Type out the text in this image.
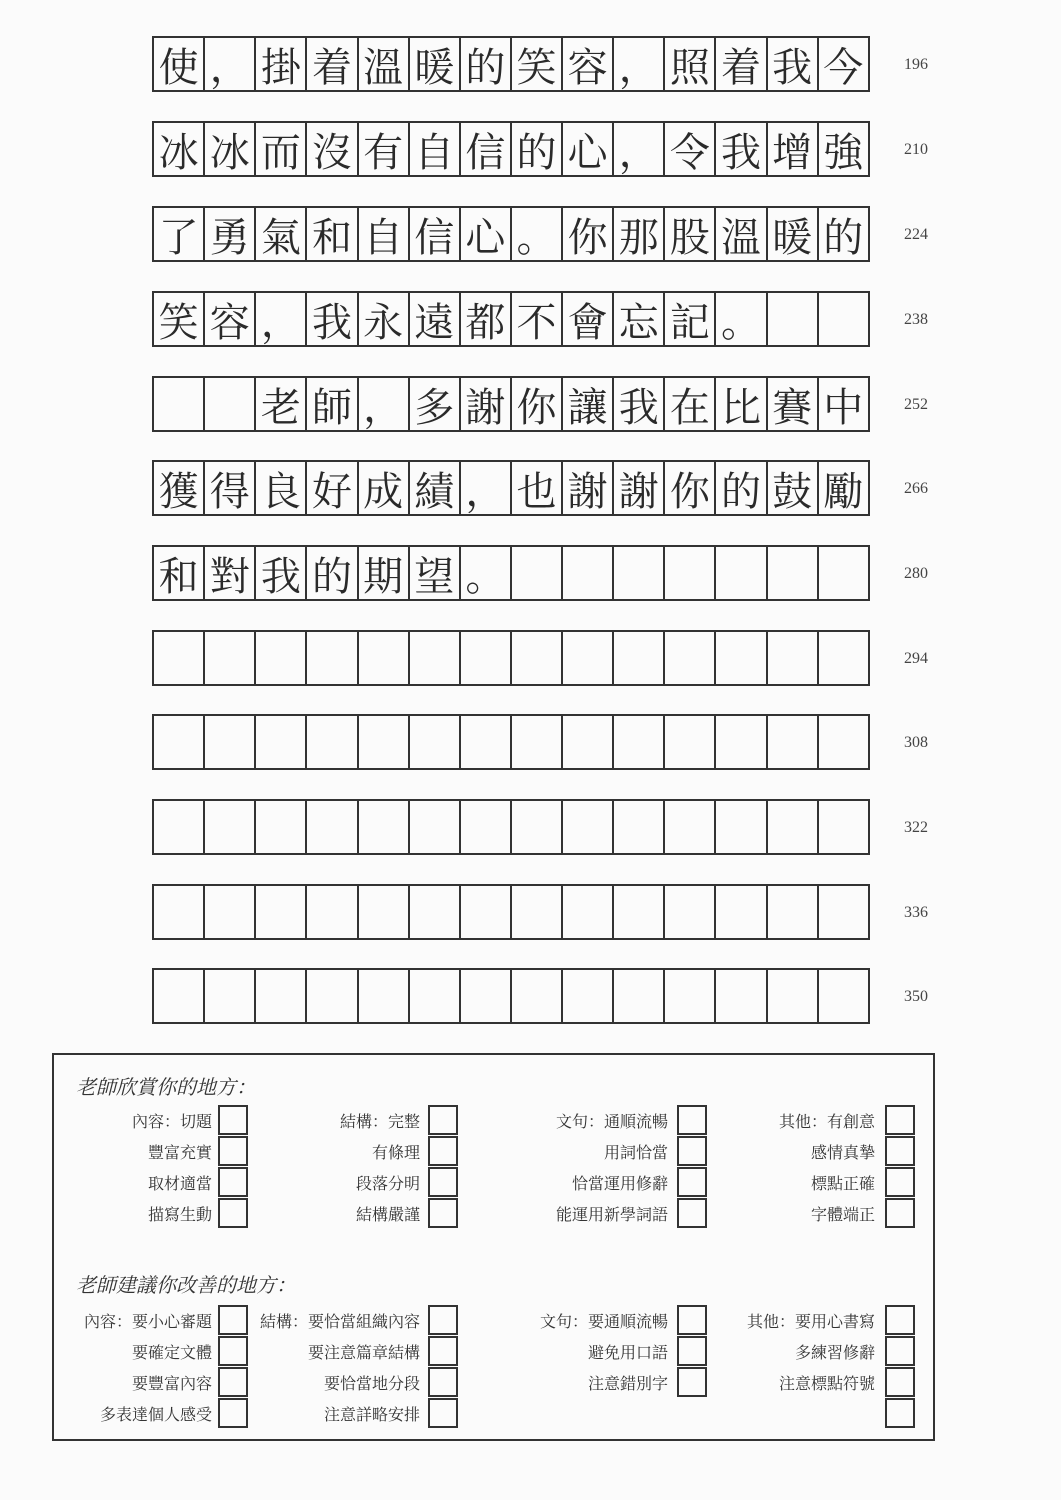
使 ， 掛 着 溫 暖 的 笑 容 ， 照 着 我 今
冰 冰 而 沒 有 自 信 的 心 ， 令 我 增 強
了 勇 氣 和 自 信 心 。 你 那 股 溫 暖 的
笑 容 ， 我 永 遠 都 不 會 忘 記 。
老 師 ， 多 謝 你 讓 我 在 比 賽 中
獲 得 良 好 成 績 ， 也 謝 謝 你 的 鼓 勵
和 對 我 的 期 望 。
老師欣賞你的地方：
內容：切題
豐富充實
取材適當
描寫生動
結構：完整
有條理
段落分明
結構嚴謹
文句：通順流暢
用詞恰當
恰當運用修辭
能運用新學詞語
其他：有創意
感情真摯
標點正確
字體端正
老師建議你改善的地方：
內容：要小心審題
要確定文體
要豐富內容
多表達個人感受
結構：要恰當組織內容
要注意篇章結構
要恰當地分段
注意詳略安排
文句：要通順流暢
避免用口語
注意錯別字
其他：要用心書寫
多練習修辭
注意標點符號
196
210
224
238
252
266
280
294
308
322
336
350
